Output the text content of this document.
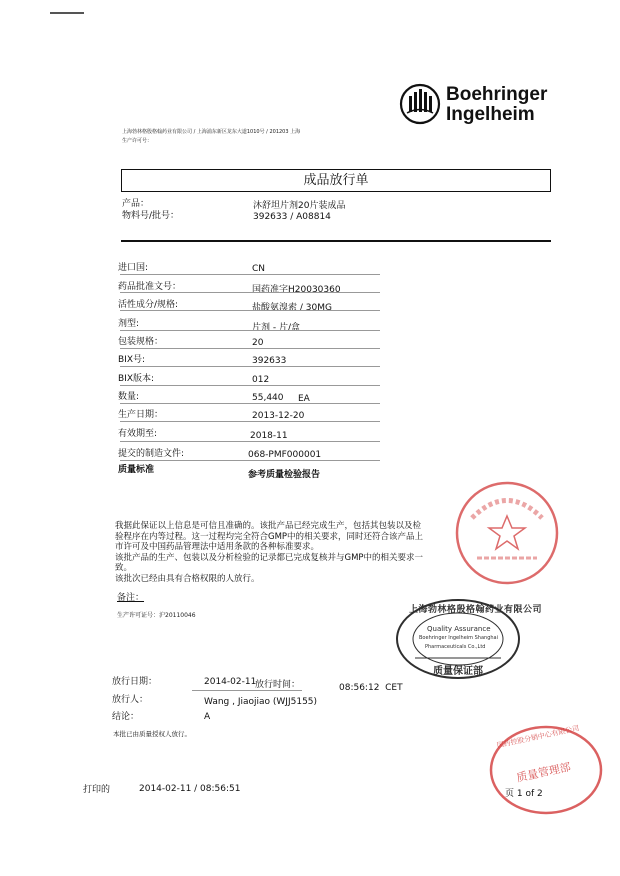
Boehringer
Ingelheim
上海勃林格殷格翰药业有限公司 / 上海浦东新区龙东大道1010号 / 201203 上海
生产许可号：
成品放行单
产品：	沐舒坦片剂20片装成品
物料号/批号：	392633 / A08814
进口国:	CN
药品批准文号：	国药准字H20030360
活性成分/规格:	盐酸氨溴索 / 30MG
剂型:	片剂 - 片/盒
包装规格：	20
BIX号:	392633
BIX版本:	012
数量:	55,440 EA
生产日期：	2013-12-20
有效期至:	2018-11
提交的制造文件:	068-PMF000001
质量标准	参考质量检验报告
我据此保证以上信息是可信且准确的。该批产品已经完成生产，包括其包装以及检
验程序在内等过程。这一过程均完全符合GMP中的相关要求，同时还符合该产品上
市许可及中国药品管理法中适用条款的各种标准要求。
该批产品的生产、包装以及分析检验的记录都已完成复核并与GMP中的相关要求一
致。
该批次已经由具有合格权限的人放行。
备注：
生产许可证号：沪20110046
上海勃林格殷格翰药业有限公司
Quality Assurance
Boehringer Ingelheim Shanghai
Pharmaceuticals Co.,Ltd
质量保证部
国药控股分销中心有限公司
质量管理部
放行日期：	2014-02-11
放行时间：	08:56:12  CET
放行人：	Wang , Jiaojiao (WJJ5155)
结论：	A
本批已由质量授权人放行。
打印的	2014-02-11 / 08:56:51	页 1 of 2
